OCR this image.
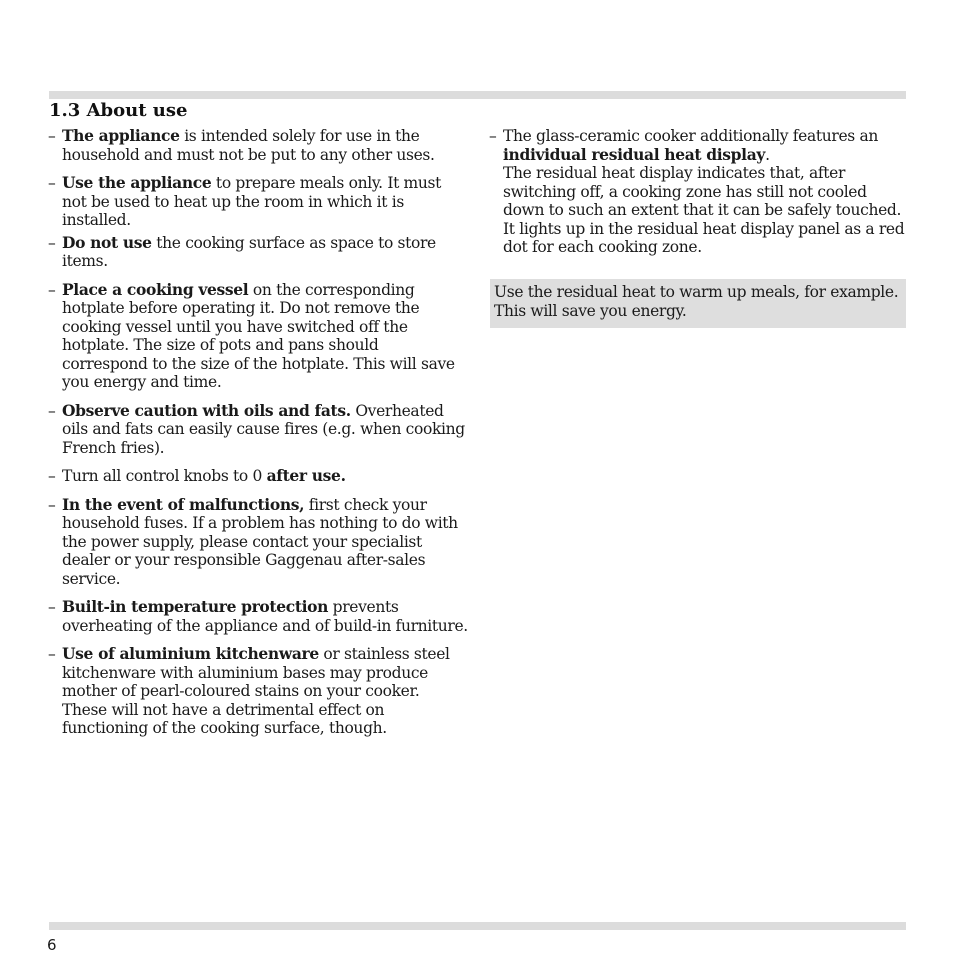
1.3 About use

– The appliance is intended solely for use in the household and must not be put to any other uses.

– Use the appliance to prepare meals only. It must not be used to heat up the room in which it is installed.

– Do not use the cooking surface as space to store items.

– Place a cooking vessel on the corresponding hotplate before operating it. Do not remove the cooking vessel until you have switched off the hotplate. The size of pots and pans should correspond to the size of the hotplate. This will save you energy and time.

– Observe caution with oils and fats. Overheated oils and fats can easily cause fires (e.g. when cooking French fries).

– Turn all control knobs to 0 after use.

– In the event of malfunctions, first check your household fuses. If a problem has nothing to do with the power supply, please contact your specialist dealer or your responsible Gaggenau after-sales service.

– Built-in temperature protection prevents overheating of the appliance and of build-in furniture.

– Use of aluminium kitchenware or stainless steel kitchenware with aluminium bases may produce mother of pearl-coloured stains on your cooker. These will not have a detrimental effect on functioning of the cooking surface, though.

– The glass-ceramic cooker additionally features an individual residual heat display.
The residual heat display indicates that, after switching off, a cooking zone has still not cooled down to such an extent that it can be safely touched. It lights up in the residual heat display panel as a red dot for each cooking zone.

Use the residual heat to warm up meals, for example. This will save you energy.
6
